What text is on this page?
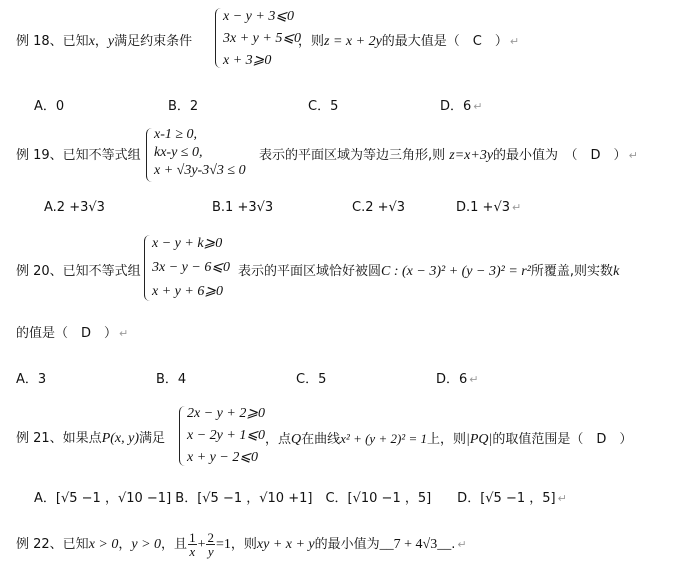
例 18、已知x，y满足约束条件
x − y + 3⩽0
3x + y + 5⩽0
x + 3⩾0
，则z = x + 2y的最大值是（　C　） ↵
A．0	B．2	C．5	D．6 ↵
例 19、已知不等式组
x-1 ≥ 0,
kx-y ≤ 0,
x + √3y-3√3 ≤ 0
表示的平面区域为等边三角形,则 z=x+3y的最小值为　（　D　） ↵
A.2 +3√3	B.1 +3√3	C.2 +√3	D.1 +√3 ↵
例 20、已知不等式组
x − y + k⩾0
3x − y − 6⩽0
x + y + 6⩾0
表示的平面区域恰好被圆C : (x − 3)² + (y − 3)² = r²所覆盖,则实数k
的值是（　D　） ↵
A．3	B．4	C．5	D．6 ↵
例 21、如果点P(x, y)满足
2x − y + 2⩾0
x − 2y + 1⩽0
x + y − 2⩽0
，点Q在曲线x² + (y + 2)² = 1上，则|PQ|的取值范围是（　D　）
A．[√5 −1 ，√10 −1] B．[√5 −1 ，√10 +1]　C．[√10 −1 ，5]　　D．[√5 −1 ，5] ↵
例 22、已知x > 0，y > 0，且 $\frac{1}{x} + \frac{2}{y} =1$，则xy + x + y的最小值为__7 + 4√3__. ↵
